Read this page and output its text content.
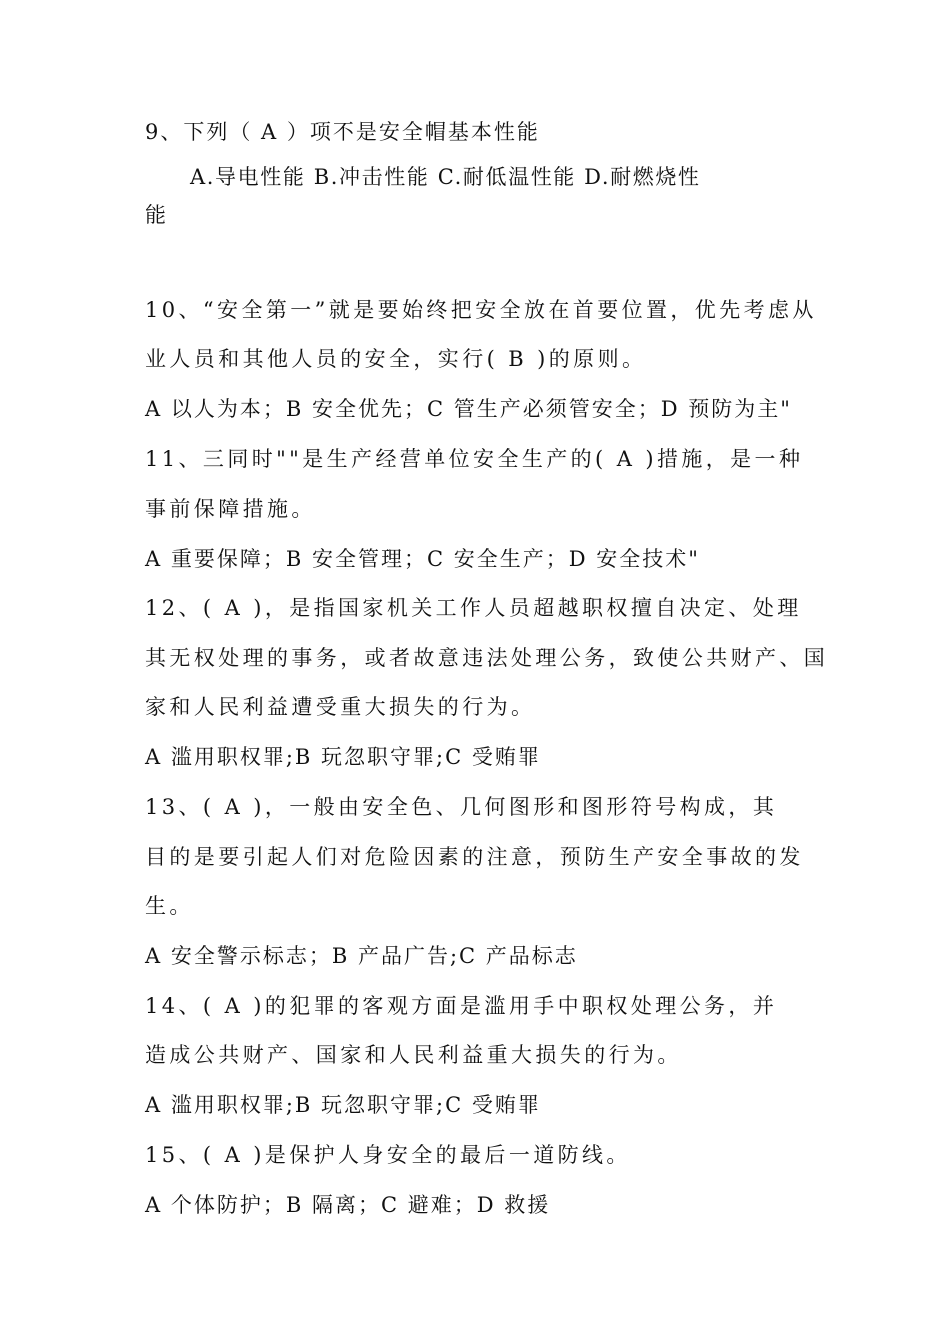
9、下列（ A ）项不是安全帽基本性能
A.导电性能 B.冲击性能 C.耐低温性能 D.耐燃烧性
能
10、“安全第一”就是要始终把安全放在首要位置，优先考虑从
业人员和其他人员的安全，实行( B )的原则。
A 以人为本；B 安全优先；C 管生产必须管安全；D 预防为主"
11、三同时""是生产经营单位安全生产的( A )措施，是一种
事前保障措施。
A 重要保障；B 安全管理；C 安全生产；D 安全技术"
12、( A )，是指国家机关工作人员超越职权擅自决定、处理
其无权处理的事务，或者故意违法处理公务，致使公共财产、国
家和人民利益遭受重大损失的行为。
A 滥用职权罪;B 玩忽职守罪;C 受贿罪
13、( A )，一般由安全色、几何图形和图形符号构成，其
目的是要引起人们对危险因素的注意，预防生产安全事故的发
生。
A 安全警示标志；B 产品广告;C 产品标志
14、( A )的犯罪的客观方面是滥用手中职权处理公务，并
造成公共财产、国家和人民利益重大损失的行为。
A 滥用职权罪;B 玩忽职守罪;C 受贿罪
15、( A )是保护人身安全的最后一道防线。
A 个体防护；B 隔离；C 避难；D 救援
